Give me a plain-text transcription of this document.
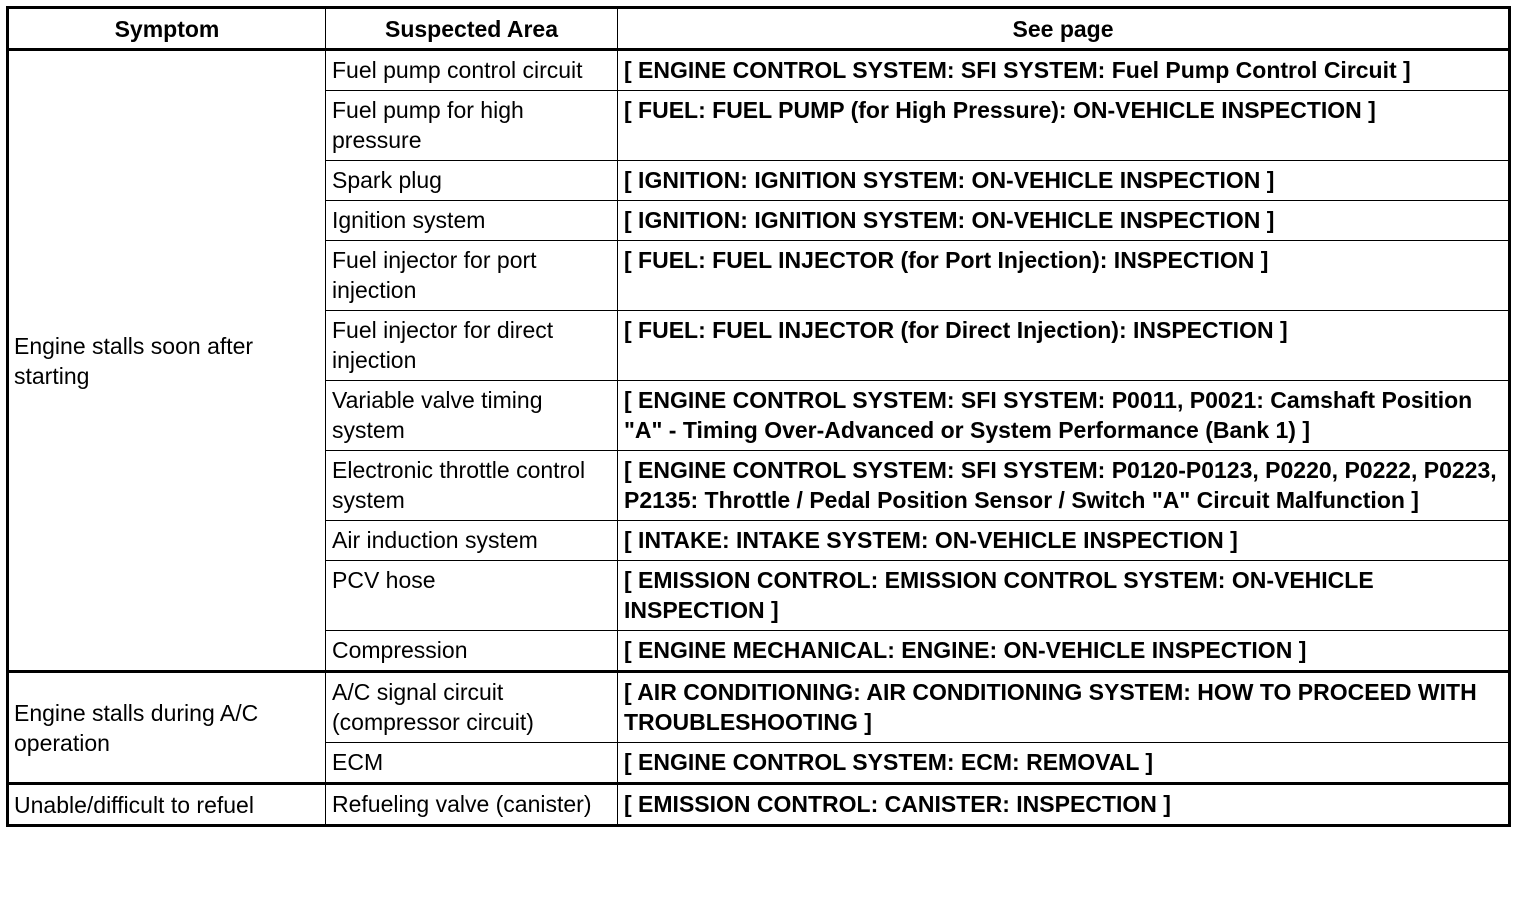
Symptom	Suspected Area	See page
Engine stalls soon after starting	Fuel pump control circuit	[ ENGINE CONTROL SYSTEM: SFI SYSTEM: Fuel Pump Control Circuit ]
	Fuel pump for high pressure	[ FUEL: FUEL PUMP (for High Pressure): ON-VEHICLE INSPECTION ]
	Spark plug	[ IGNITION: IGNITION SYSTEM: ON-VEHICLE INSPECTION ]
	Ignition system	[ IGNITION: IGNITION SYSTEM: ON-VEHICLE INSPECTION ]
	Fuel injector for port injection	[ FUEL: FUEL INJECTOR (for Port Injection): INSPECTION ]
	Fuel injector for direct injection	[ FUEL: FUEL INJECTOR (for Direct Injection): INSPECTION ]
	Variable valve timing system	[ ENGINE CONTROL SYSTEM: SFI SYSTEM: P0011, P0021: Camshaft Position "A" - Timing Over-Advanced or System Performance (Bank 1) ]
	Electronic throttle control system	[ ENGINE CONTROL SYSTEM: SFI SYSTEM: P0120-P0123, P0220, P0222, P0223, P2135: Throttle / Pedal Position Sensor / Switch "A" Circuit Malfunction ]
	Air induction system	[ INTAKE: INTAKE SYSTEM: ON-VEHICLE INSPECTION ]
	PCV hose	[ EMISSION CONTROL: EMISSION CONTROL SYSTEM: ON-VEHICLE INSPECTION ]
	Compression	[ ENGINE MECHANICAL: ENGINE: ON-VEHICLE INSPECTION ]
Engine stalls during A/C operation	A/C signal circuit (compressor circuit)	[ AIR CONDITIONING: AIR CONDITIONING SYSTEM: HOW TO PROCEED WITH TROUBLESHOOTING ]
	ECM	[ ENGINE CONTROL SYSTEM: ECM: REMOVAL ]
Unable/difficult to refuel	Refueling valve (canister)	[ EMISSION CONTROL: CANISTER: INSPECTION ]
